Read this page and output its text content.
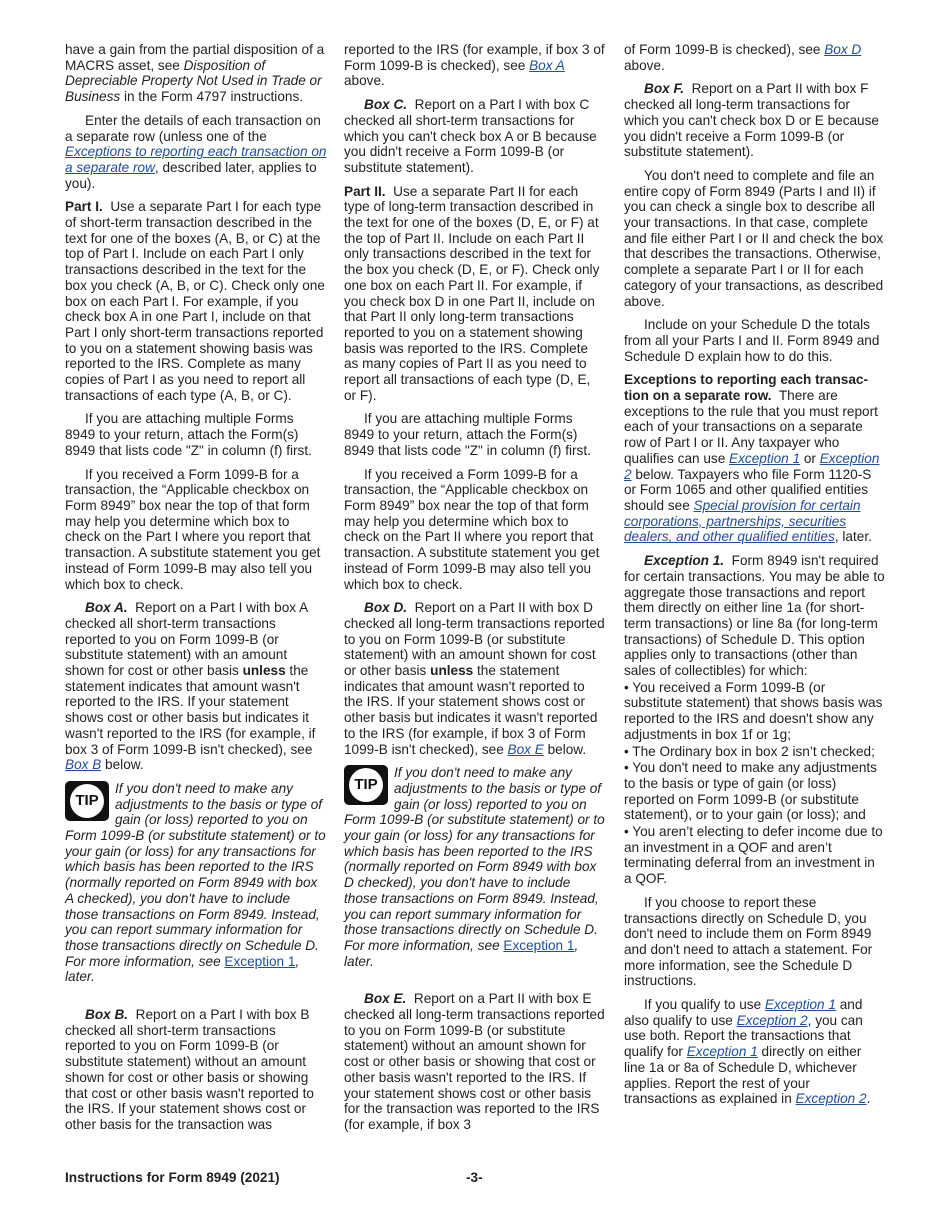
have a gain from the partial disposition of a MACRS asset, see Disposition of Depreciable Property Not Used in Trade or Business in the Form 4797 instructions.

Enter the details of each transaction on a separate row (unless one of the Exceptions to reporting each transaction on a separate row, described later, applies to you).

Part I. Use a separate Part I for each type of short-term transaction described in the text for one of the boxes (A, B, or C) at the top of Part I. Include on each Part I only transactions described in the text for the box you check (A, B, or C). Check only one box on each Part I. For example, if you check box A in one Part I, include on that Part I only short-term transactions reported to you on a statement showing basis was reported to the IRS. Complete as many copies of Part I as you need to report all transactions of each type (A, B, or C).

If you are attaching multiple Forms 8949 to your return, attach the Form(s) 8949 that lists code "Z" in column (f) first.

If you received a Form 1099-B for a transaction, the “Applicable checkbox on Form 8949” box near the top of that form may help you determine which box to check on the Part I where you report that transaction. A substitute statement you get instead of Form 1099-B may also tell you which box to check.

Box A. Report on a Part I with box A checked all short-term transactions reported to you on Form 1099-B (or substitute statement) with an amount shown for cost or other basis unless the statement indicates that amount wasn't reported to the IRS. If your statement shows cost or other basis but indicates it wasn't reported to the IRS (for example, if box 3 of Form 1099-B isn't checked), see Box B below.

TIP
If you don't need to make any adjustments to the basis or type of gain (or loss) reported to you on Form 1099-B (or substitute statement) or to your gain (or loss) for any transactions for which basis has been reported to the IRS (normally reported on Form 8949 with box A checked), you don't have to include those transactions on Form 8949. Instead, you can report summary information for those transactions directly on Schedule D. For more information, see Exception 1, later.

Box B. Report on a Part I with box B checked all short-term transactions reported to you on Form 1099-B (or substitute statement) without an amount shown for cost or other basis or showing that cost or other basis wasn't reported to the IRS. If your statement shows cost or other basis for the transaction was

reported to the IRS (for example, if box 3 of Form 1099-B is checked), see Box A above.

Box C. Report on a Part I with box C checked all short-term transactions for which you can't check box A or B because you didn't receive a Form 1099-B (or substitute statement).

Part II. Use a separate Part II for each type of long-term transaction described in the text for one of the boxes (D, E, or F) at the top of Part II. Include on each Part II only transactions described in the text for the box you check (D, E, or F). Check only one box on each Part II. For example, if you check box D in one Part II, include on that Part II only long-term transactions reported to you on a statement showing basis was reported to the IRS. Complete as many copies of Part II as you need to report all transactions of each type (D, E, or F).

If you are attaching multiple Forms 8949 to your return, attach the Form(s) 8949 that lists code "Z" in column (f) first.

If you received a Form 1099-B for a transaction, the “Applicable checkbox on Form 8949” box near the top of that form may help you determine which box to check on the Part II where you report that transaction. A substitute statement you get instead of Form 1099-B may also tell you which box to check.

Box D. Report on a Part II with box D checked all long-term transactions reported to you on Form 1099-B (or substitute statement) with an amount shown for cost or other basis unless the statement indicates that amount wasn't reported to the IRS. If your statement shows cost or other basis but indicates it wasn't reported to the IRS (for example, if box 3 of Form 1099-B isn't checked), see Box E below.

TIP
If you don't need to make any adjustments to the basis or type of gain (or loss) reported to you on Form 1099-B (or substitute statement) or to your gain (or loss) for any transactions for which basis has been reported to the IRS (normally reported on Form 8949 with box D checked), you don't have to include those transactions on Form 8949. Instead, you can report summary information for those transactions directly on Schedule D. For more information, see Exception 1, later.

Box E. Report on a Part II with box E checked all long-term transactions reported to you on Form 1099-B (or substitute statement) without an amount shown for cost or other basis or showing that cost or other basis wasn't reported to the IRS. If your statement shows cost or other basis for the transaction was reported to the IRS (for example, if box 3

of Form 1099-B is checked), see Box D above.

Box F. Report on a Part II with box F checked all long-term transactions for which you can't check box D or E because you didn't receive a Form 1099-B (or substitute statement).

You don't need to complete and file an entire copy of Form 8949 (Parts I and II) if you can check a single box to describe all your transactions. In that case, complete and file either Part I or II and check the box that describes the transactions. Otherwise, complete a separate Part I or II for each category of your transactions, as described above.

Include on your Schedule D the totals from all your Parts I and II. Form 8949 and Schedule D explain how to do this.

Exceptions to reporting each transac-tion on a separate row. There are exceptions to the rule that you must report each of your transactions on a separate row of Part I or II. Any taxpayer who qualifies can use Exception 1 or Exception 2 below. Taxpayers who file Form 1120-S or Form 1065 and other qualified entities should see Special provision for certain corporations, partnerships, securities dealers, and other qualified entities, later.

Exception 1. Form 8949 isn't required for certain transactions. You may be able to aggregate those transactions and report them directly on either line 1a (for short-term transactions) or line 8a (for long-term transactions) of Schedule D. This option applies only to transactions (other than sales of collectibles) for which:

• You received a Form 1099-B (or substitute statement) that shows basis was reported to the IRS and doesn't show any adjustments in box 1f or 1g;
• The Ordinary box in box 2 isn’t checked;
• You don't need to make any adjustments to the basis or type of gain (or loss) reported on Form 1099-B (or substitute statement), or to your gain (or loss); and
• You aren’t electing to defer income due to an investment in a QOF and aren’t terminating deferral from an investment in a QOF.

If you choose to report these transactions directly on Schedule D, you don't need to include them on Form 8949 and don't need to attach a statement. For more information, see the Schedule D instructions.

If you qualify to use Exception 1 and also qualify to use Exception 2, you can use both. Report the transactions that qualify for Exception 1 directly on either line 1a or 8a of Schedule D, whichever applies. Report the rest of your transactions as explained in Exception 2.

Instructions for Form 8949 (2021)	-3-
